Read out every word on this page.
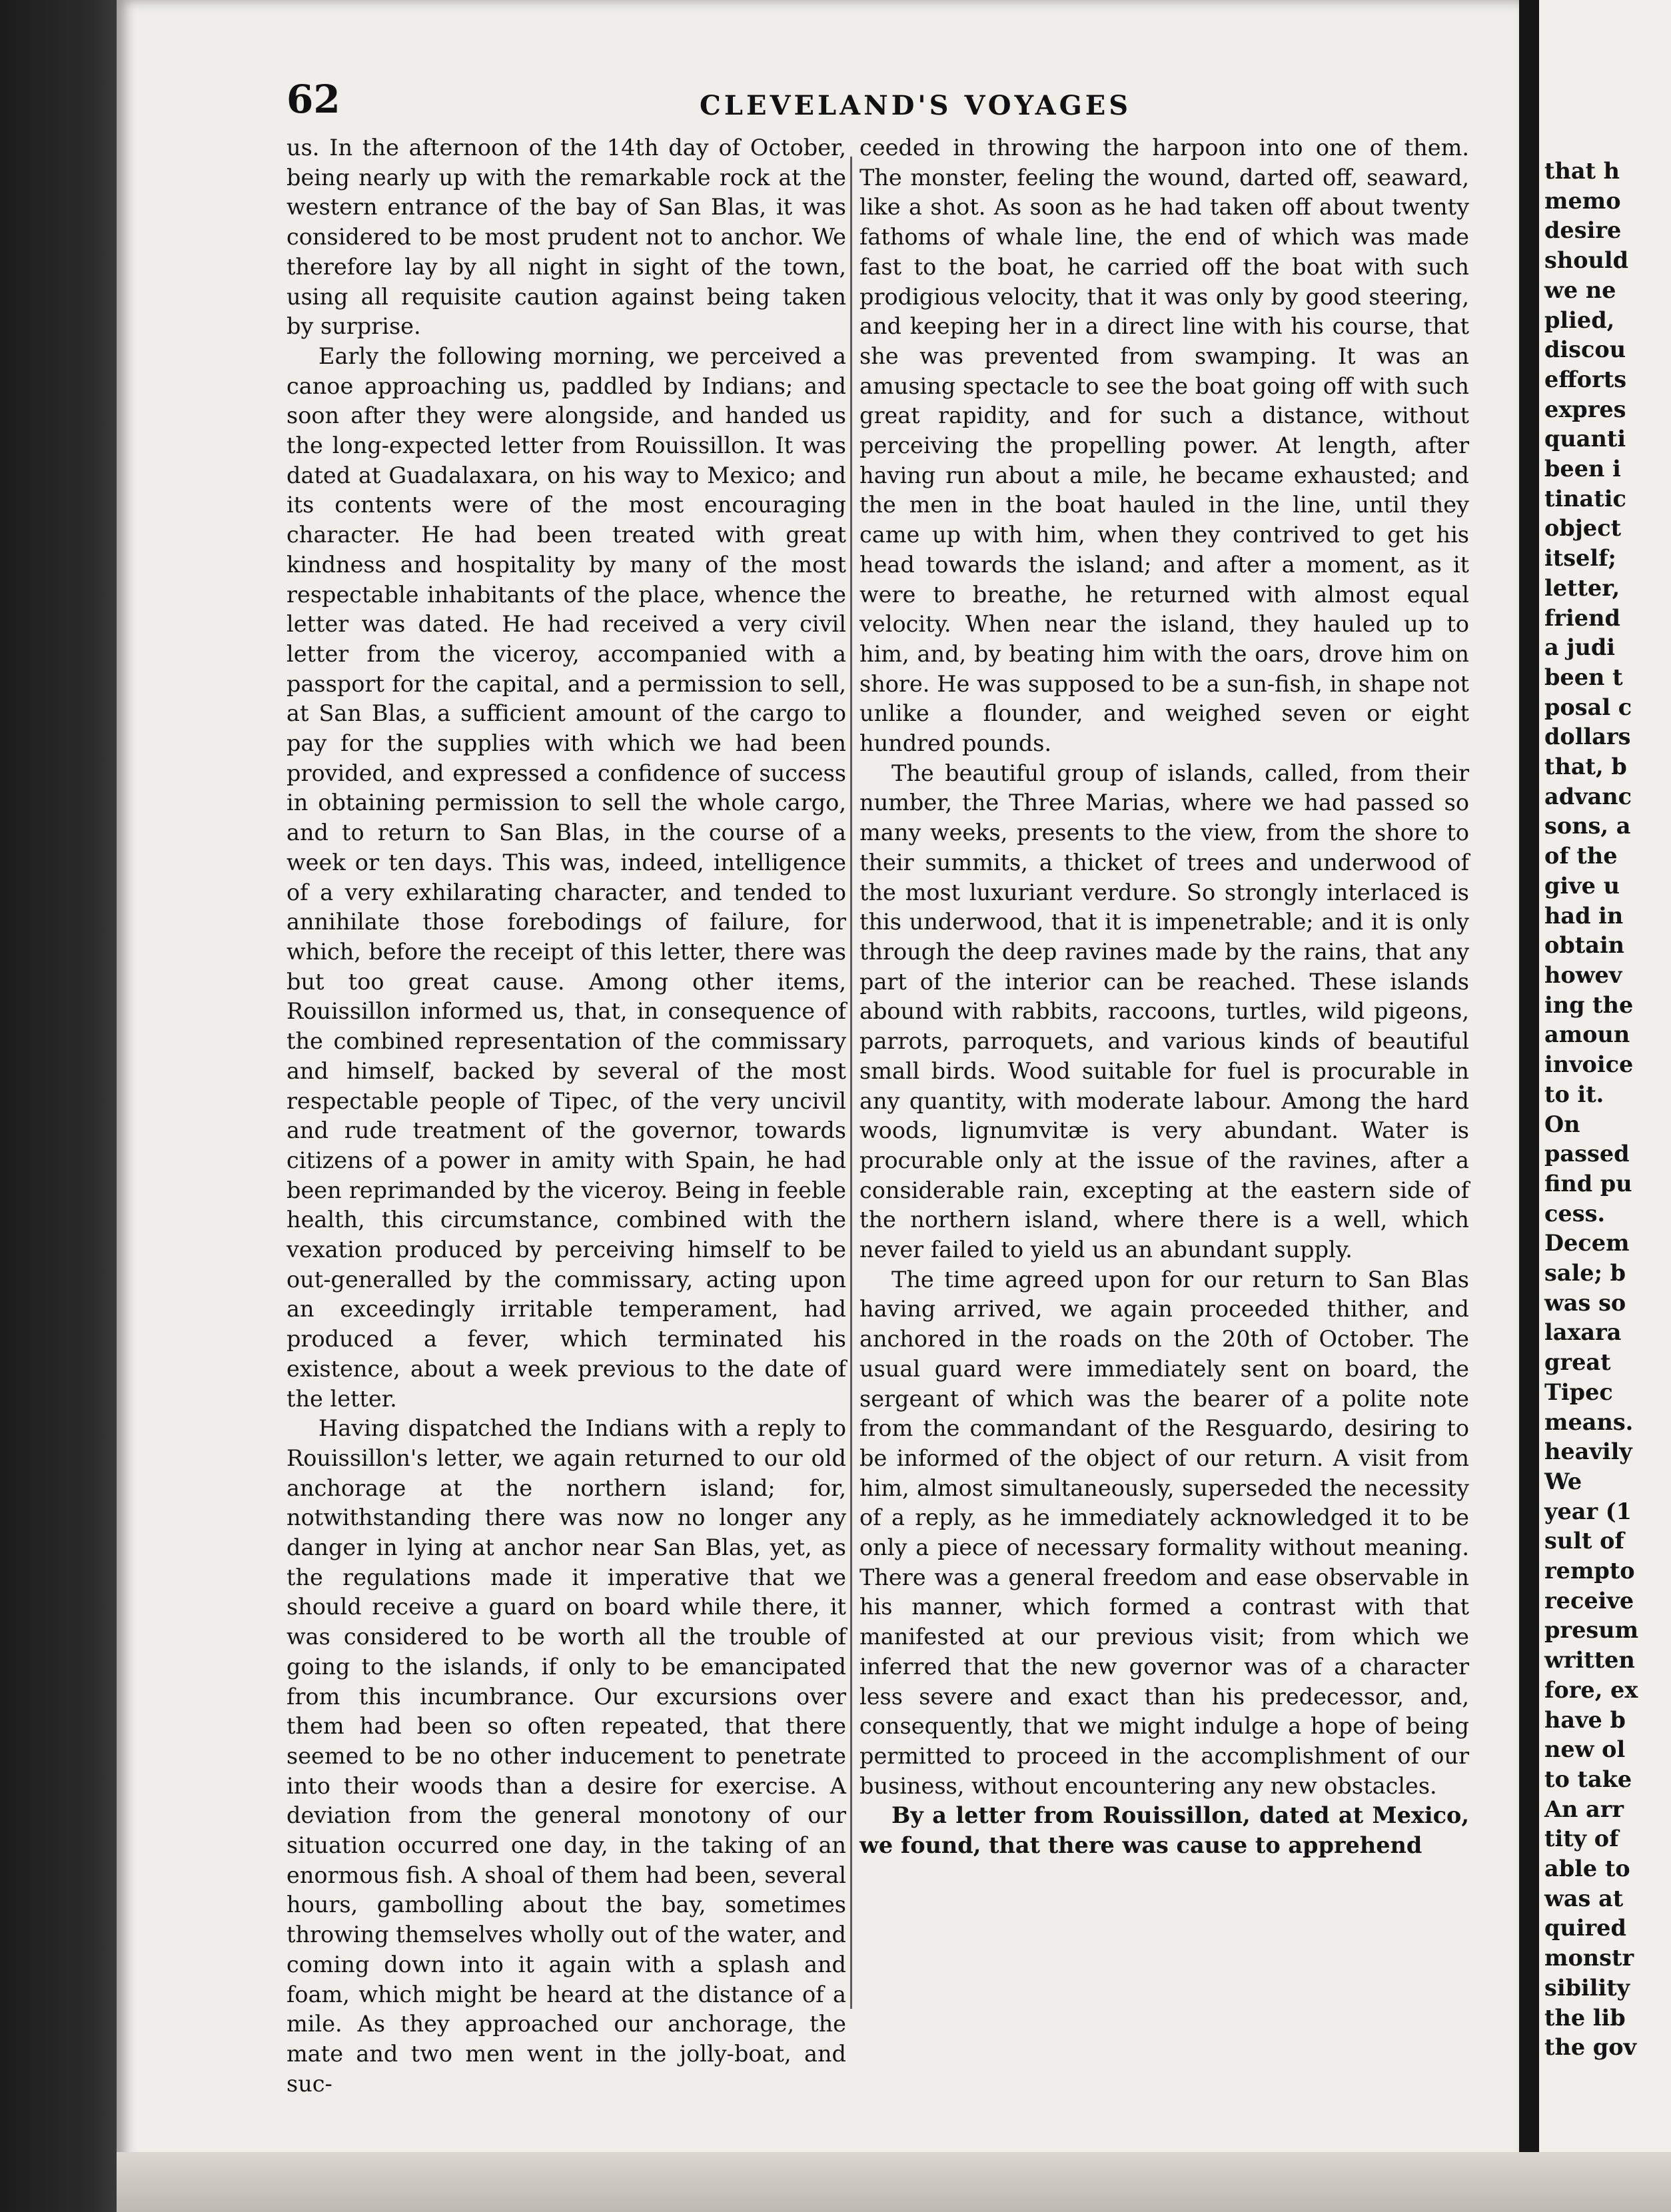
that h
memo
desire
should
we ne
plied,
discou
efforts
expres
quanti
been i
tinatic
object
itself;
letter,
friend
a judi
been t
posal c
dollars
that, b
advanc
sons, a
of the
give u
had in
obtain
howev
ing the
amoun
invoice
to it.
On
passed
find pu
cess.
Decem
sale; b
was so
laxara
great
Tipec
means.
heavily
We
year (1
sult of
rempto
receive
presum
written
fore, ex
have b
new ol
to take
An arr
tity of
able to
was at
quired
monstr
sibility
the lib
the gov
62	CLEVELAND'S VOYAGES

us. In the afternoon of the 14th day of October, being nearly up with the remarkable rock at the western entrance of the bay of San Blas, it was considered to be most prudent not to anchor. We therefore lay by all night in sight of the town, using all requisite caution against being taken by surprise.

Early the following morning, we perceived a canoe approaching us, paddled by Indians; and soon after they were alongside, and handed us the long-expected letter from Rouissillon. It was dated at Guadalaxara, on his way to Mexico; and its contents were of the most encouraging character. He had been treated with great kindness and hospitality by many of the most respectable inhabitants of the place, whence the letter was dated. He had received a very civil letter from the viceroy, accompanied with a passport for the capital, and a permission to sell, at San Blas, a sufficient amount of the cargo to pay for the supplies with which we had been provided, and expressed a confidence of success in obtaining permission to sell the whole cargo, and to return to San Blas, in the course of a week or ten days. This was, indeed, intelligence of a very exhilarating character, and tended to annihilate those forebodings of failure, for which, before the receipt of this letter, there was but too great cause. Among other items, Rouissillon informed us, that, in consequence of the combined representation of the commissary and himself, backed by several of the most respectable people of Tipec, of the very uncivil and rude treatment of the governor, towards citizens of a power in amity with Spain, he had been reprimanded by the viceroy. Being in feeble health, this circumstance, combined with the vexation produced by perceiving himself to be out-generalled by the commissary, acting upon an exceedingly irritable temperament, had produced a fever, which terminated his existence, about a week previous to the date of the letter.

Having dispatched the Indians with a reply to Rouissillon's letter, we again returned to our old anchorage at the northern island; for, notwithstanding there was now no longer any danger in lying at anchor near San Blas, yet, as the regulations made it imperative that we should receive a guard on board while there, it was considered to be worth all the trouble of going to the islands, if only to be emancipated from this incumbrance. Our excursions over them had been so often repeated, that there seemed to be no other inducement to penetrate into their woods than a desire for exercise. A deviation from the general monotony of our situation occurred one day, in the taking of an enormous fish. A shoal of them had been, several hours, gambolling about the bay, sometimes throwing themselves wholly out of the water, and coming down into it again with a splash and foam, which might be heard at the distance of a mile. As they approached our anchorage, the mate and two men went in the jolly-boat, and suc-

ceeded in throwing the harpoon into one of them. The monster, feeling the wound, darted off, seaward, like a shot. As soon as he had taken off about twenty fathoms of whale line, the end of which was made fast to the boat, he carried off the boat with such prodigious velocity, that it was only by good steering, and keeping her in a direct line with his course, that she was prevented from swamping. It was an amusing spectacle to see the boat going off with such great rapidity, and for such a distance, without perceiving the propelling power. At length, after having run about a mile, he became exhausted; and the men in the boat hauled in the line, until they came up with him, when they contrived to get his head towards the island; and after a moment, as it were to breathe, he returned with almost equal velocity. When near the island, they hauled up to him, and, by beating him with the oars, drove him on shore. He was supposed to be a sun-fish, in shape not unlike a flounder, and weighed seven or eight hundred pounds.

The beautiful group of islands, called, from their number, the Three Marias, where we had passed so many weeks, presents to the view, from the shore to their summits, a thicket of trees and underwood of the most luxuriant verdure. So strongly interlaced is this underwood, that it is impenetrable; and it is only through the deep ravines made by the rains, that any part of the interior can be reached. These islands abound with rabbits, raccoons, turtles, wild pigeons, parrots, parroquets, and various kinds of beautiful small birds. Wood suitable for fuel is procurable in any quantity, with moderate labour. Among the hard woods, lignumvitæ is very abundant. Water is procurable only at the issue of the ravines, after a considerable rain, excepting at the eastern side of the northern island, where there is a well, which never failed to yield us an abundant supply.

The time agreed upon for our return to San Blas having arrived, we again proceeded thither, and anchored in the roads on the 20th of October. The usual guard were immediately sent on board, the sergeant of which was the bearer of a polite note from the commandant of the Resguardo, desiring to be informed of the object of our return. A visit from him, almost simultaneously, superseded the necessity of a reply, as he immediately acknowledged it to be only a piece of necessary formality without meaning. There was a general freedom and ease observable in his manner, which formed a contrast with that manifested at our previous visit; from which we inferred that the new governor was of a character less severe and exact than his predecessor, and, consequently, that we might indulge a hope of being permitted to proceed in the accomplishment of our business, without encountering any new obstacles.

By a letter from Rouissillon, dated at Mexico, we found, that there was cause to apprehend
